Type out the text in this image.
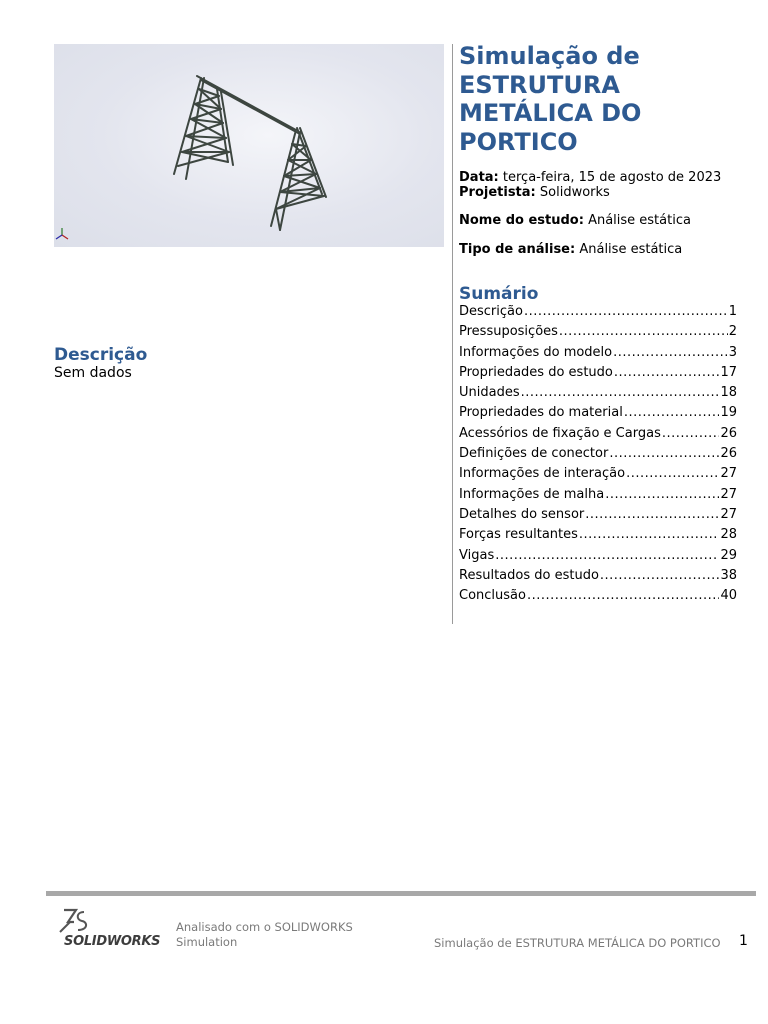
Simulação de ESTRUTURA METÁLICA DO PORTICO
Data: terça-feira, 15 de agosto de 2023
Projetista: Solidworks
Nome do estudo: Análise estática
Tipo de análise: Análise estática
Sumário
Descrição .....	1
Pressuposições .....	2
Informações do modelo .....	3
Propriedades do estudo .....	17
Unidades .....	18
Propriedades do material .....	19
Acessórios de fixação e Cargas .....	26
Definições de conector .....	26
Informações de interação .....	27
Informações de malha .....	27
Detalhes do sensor .....	27
Forças resultantes .....	28
Vigas .....	29
Resultados do estudo .....	38
Conclusão .....	40
Descrição
Sem dados
SOLIDWORKS
Analisado com o SOLIDWORKS
Simulation	Simulação de ESTRUTURA METÁLICA DO PORTICO 1
